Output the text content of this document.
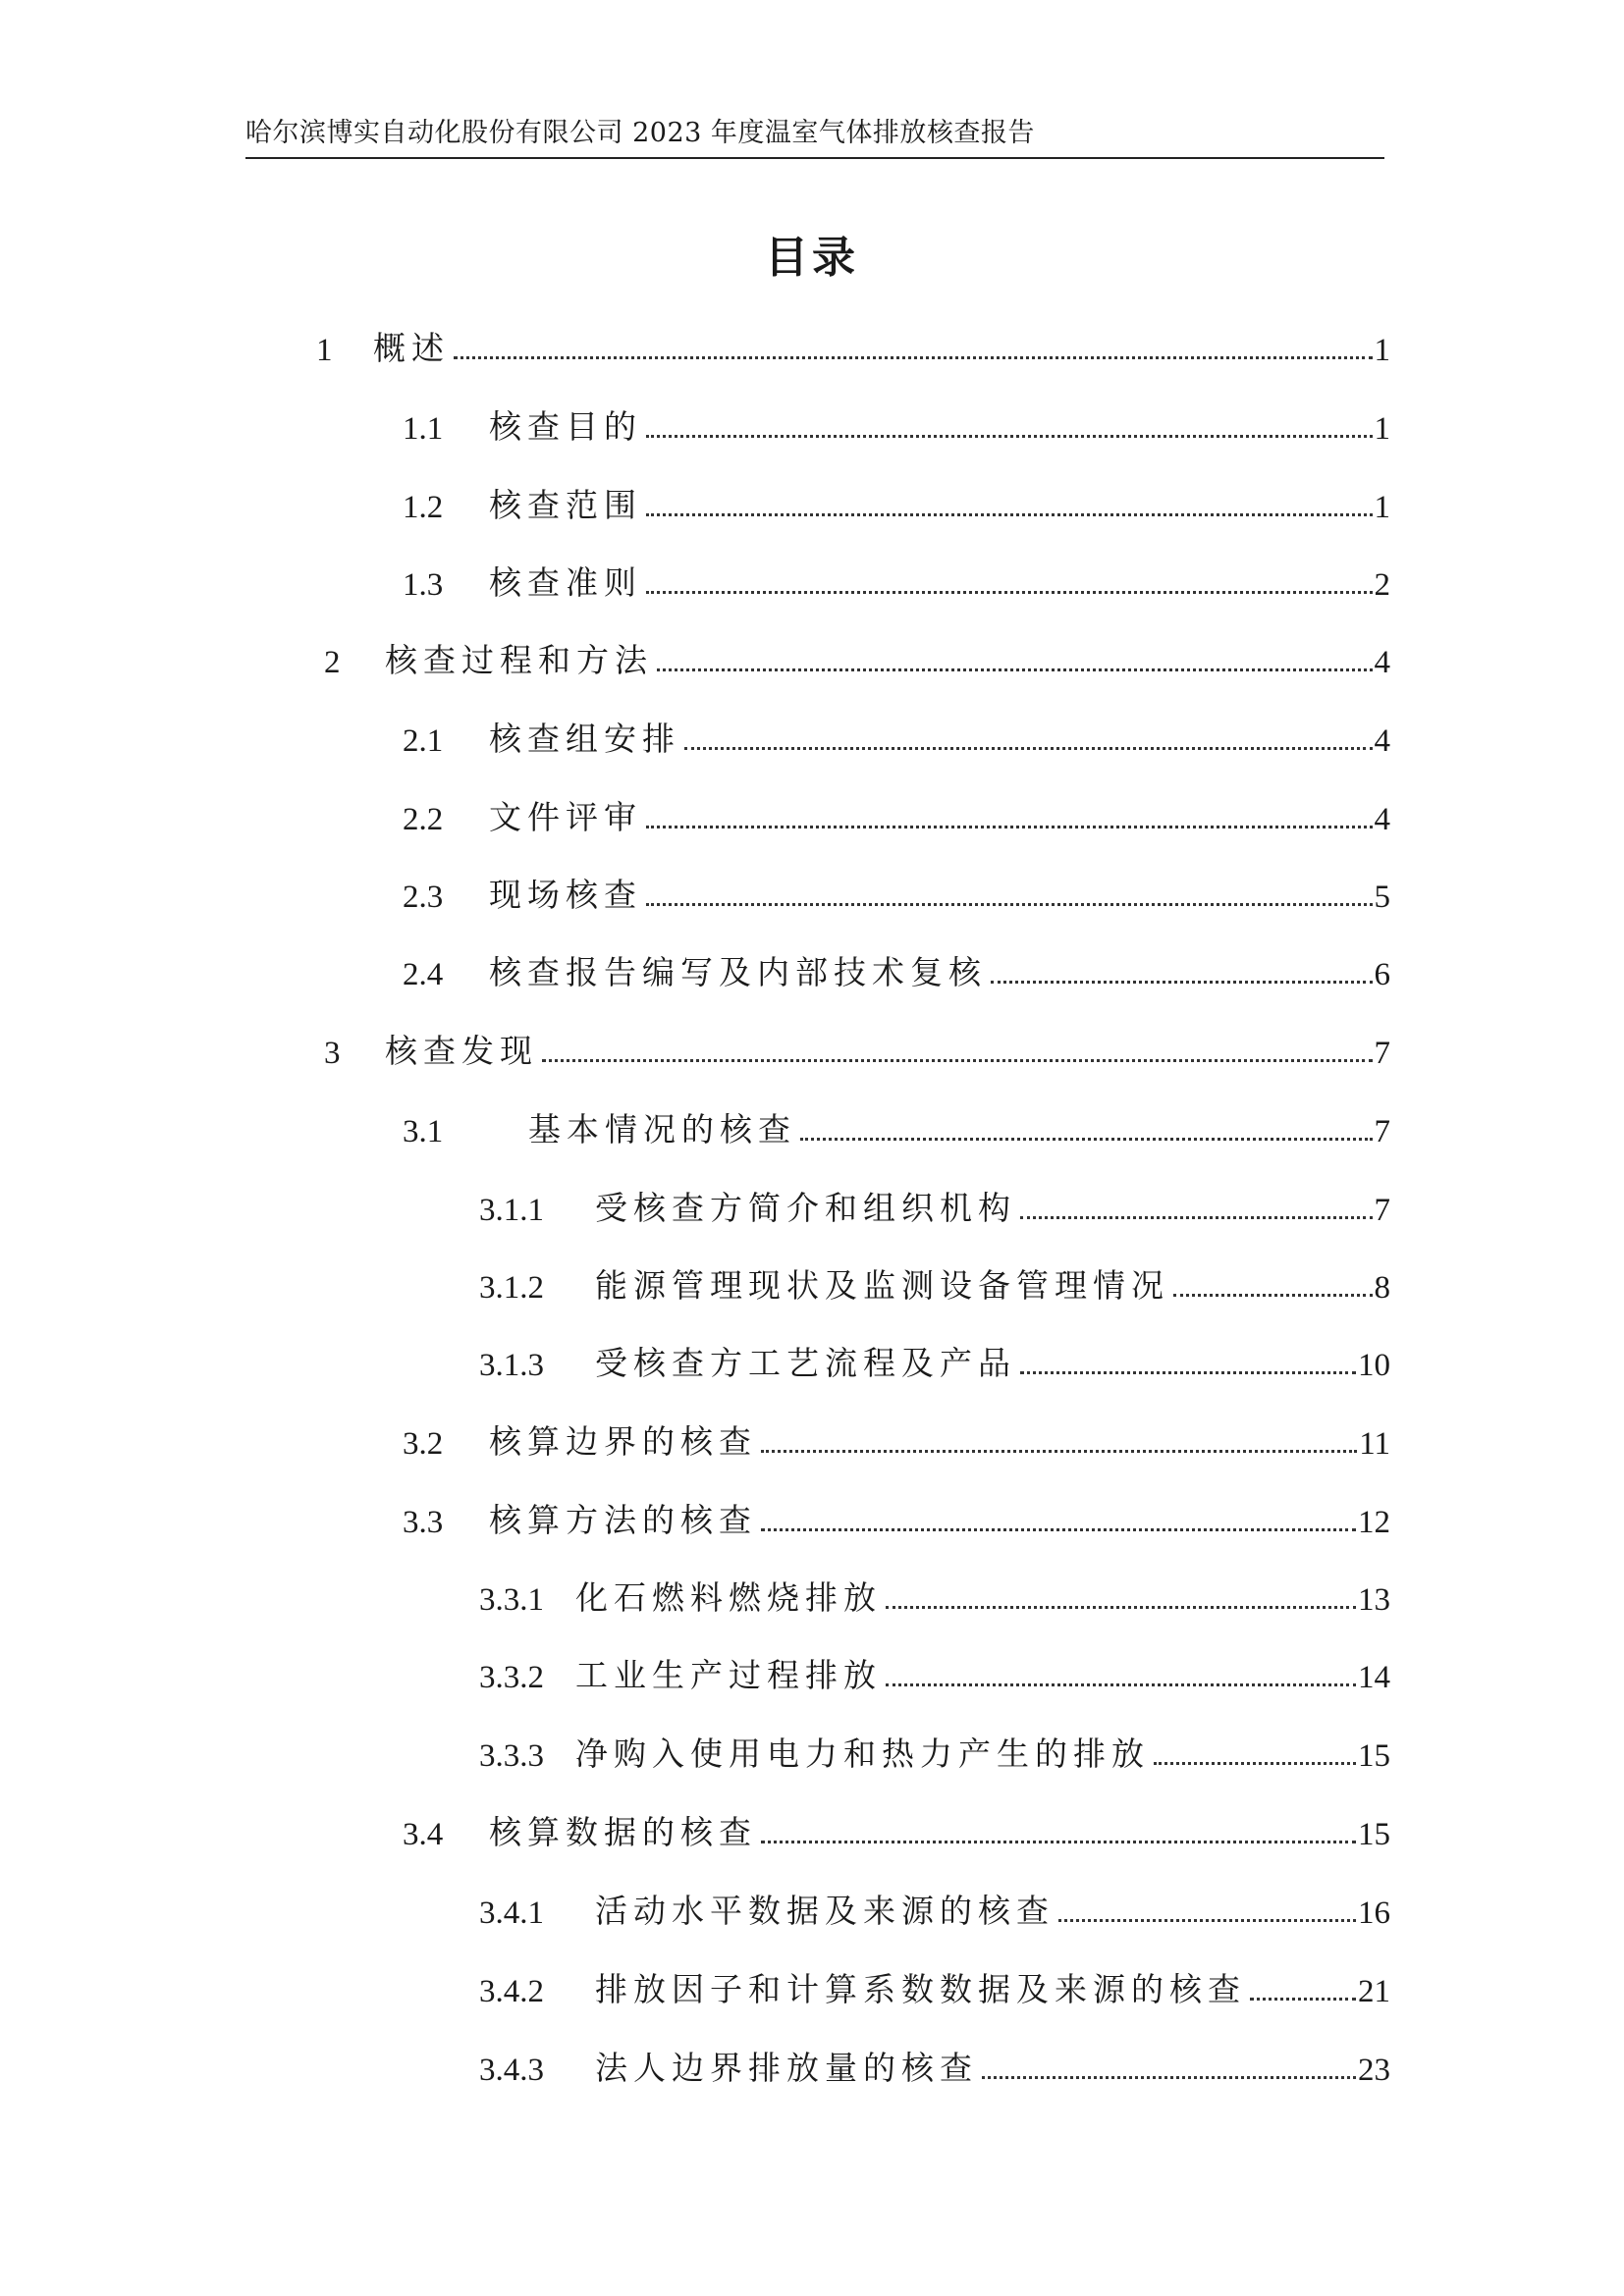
哈尔滨博实自动化股份有限公司 2023 年度温室气体排放核查报告
目录
1	概述	1
1.1	核查目的	1
1.2	核查范围	1
1.3	核查准则	2
2	核查过程和方法	4
2.1	核查组安排	4
2.2	文件评审	4
2.3	现场核查	5
2.4	核查报告编写及内部技术复核	6
3	核查发现	7
3.1	基本情况的核查	7
3.1.1	受核查方简介和组织机构	7
3.1.2	能源管理现状及监测设备管理情况	8
3.1.3	受核查方工艺流程及产品	10
3.2	核算边界的核查	11
3.3	核算方法的核查	12
3.3.1 化石燃料燃烧排放	13
3.3.2 工业生产过程排放	14
3.3.3 净购入使用电力和热力产生的排放	15
3.4	核算数据的核查	15
3.4.1	活动水平数据及来源的核查	16
3.4.2	排放因子和计算系数数据及来源的核查	21
3.4.3	法人边界排放量的核查	23
